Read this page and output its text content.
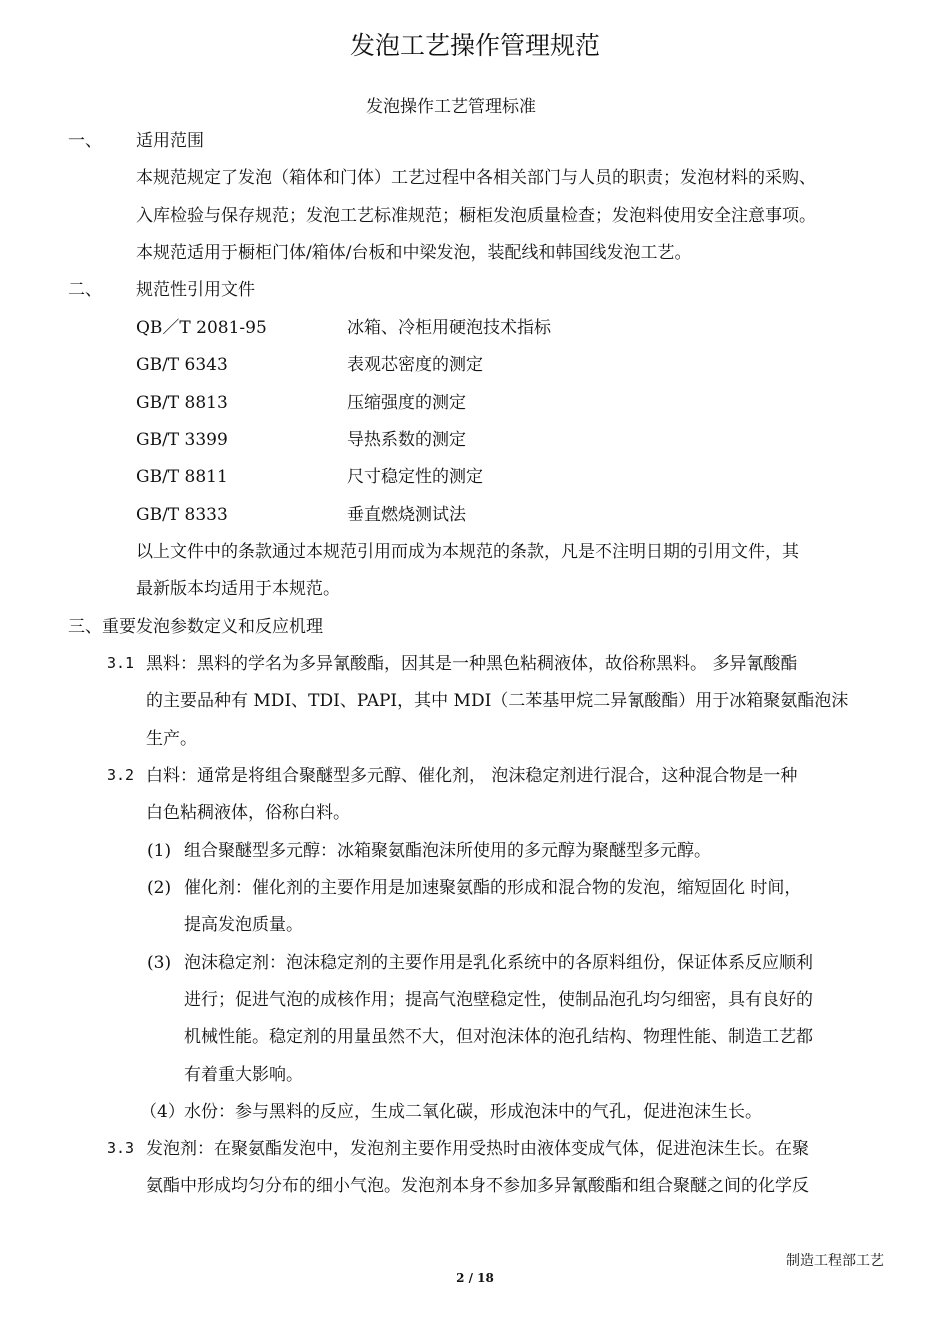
发泡工艺操作管理规范
发泡操作工艺管理标准
一、 适用范围
本规范规定了发泡（箱体和门体）工艺过程中各相关部门与人员的职责；发泡材料的采购、
入库检验与保存规范；发泡工艺标准规范；橱柜发泡质量检查；发泡料使用安全注意事项。
本规范适用于橱柜门体/箱体/台板和中梁发泡，装配线和韩国线发泡工艺。
二、 规范性引用文件
QB／T 2081-95	冰箱、冷柜用硬泡技术指标
GB/T 6343	表观芯密度的测定
GB/T 8813	压缩强度的测定
GB/T 3399	导热系数的测定
GB/T 8811	尺寸稳定性的测定
GB/T 8333	垂直燃烧测试法
以上文件中的条款通过本规范引用而成为本规范的条款，凡是不注明日期的引用文件，其
最新版本均适用于本规范。
三、重要发泡参数定义和反应机理
3.1 黑料：黑料的学名为多异氰酸酯，因其是一种黑色粘稠液体，故俗称黑料。 多异氰酸酯
的主要品种有 MDI、TDI、PAPI，其中 MDI（二苯基甲烷二异氰酸酯）用于冰箱聚氨酯泡沫
生产。
3.2 白料：通常是将组合聚醚型多元醇、催化剂， 泡沫稳定剂进行混合，这种混合物是一种
白色粘稠液体，俗称白料。
(1) 组合聚醚型多元醇：冰箱聚氨酯泡沫所使用的多元醇为聚醚型多元醇。
(2) 催化剂：催化剂的主要作用是加速聚氨酯的形成和混合物的发泡，缩短固化 时间，
提高发泡质量。
(3) 泡沫稳定剂：泡沫稳定剂的主要作用是乳化系统中的各原料组份，保证体系反应顺利
进行；促进气泡的成核作用；提高气泡壁稳定性，使制品泡孔均匀细密，具有良好的
机械性能。稳定剂的用量虽然不大，但对泡沫体的泡孔结构、物理性能、制造工艺都
有着重大影响。
（4） 水份：参与黑料的反应，生成二氧化碳，形成泡沫中的气孔，促进泡沫生长。
3.3 发泡剂：在聚氨酯发泡中，发泡剂主要作用受热时由液体变成气体，促进泡沫生长。在聚
氨酯中形成均匀分布的细小气泡。发泡剂本身不参加多异氰酸酯和组合聚醚之间的化学反
制造工程部工艺
2 / 18
